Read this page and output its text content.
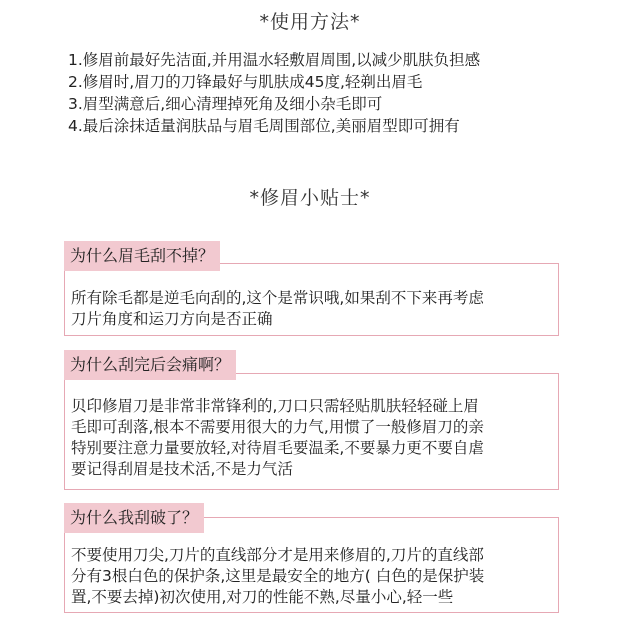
*使用方法*
1.修眉前最好先洁面,并用温水轻敷眉周围,以减少肌肤负担感
2.修眉时,眉刀的刀锋最好与肌肤成45度,轻剃出眉毛
3.眉型满意后,细心清理掉死角及细小杂毛即可
4.最后涂抹适量润肤品与眉毛周围部位,美丽眉型即可拥有
*修眉小贴士*

所有除毛都是逆毛向刮的,这个是常识哦,如果刮不下来再考虑

刀片角度和运刀方向是否正确

为什么眉毛刮不掉？

贝印修眉刀是非常非常锋利的,刀口只需轻贴肌肤轻轻碰上眉

毛即可刮落,根本不需要用很大的力气,用惯了一般修眉刀的亲

特别要注意力量要放轻,对待眉毛要温柔,不要暴力更不要自虐

要记得刮眉是技术活,不是力气活

为什么刮完后会痛啊？

不要使用刀尖,刀片的直线部分才是用来修眉的,刀片的直线部

分有3根白色的保护条,这里是最安全的地方( 白色的是保护装

置,不要去掉)初次使用,对刀的性能不熟,尽量小心,轻一些

为什么我刮破了？
